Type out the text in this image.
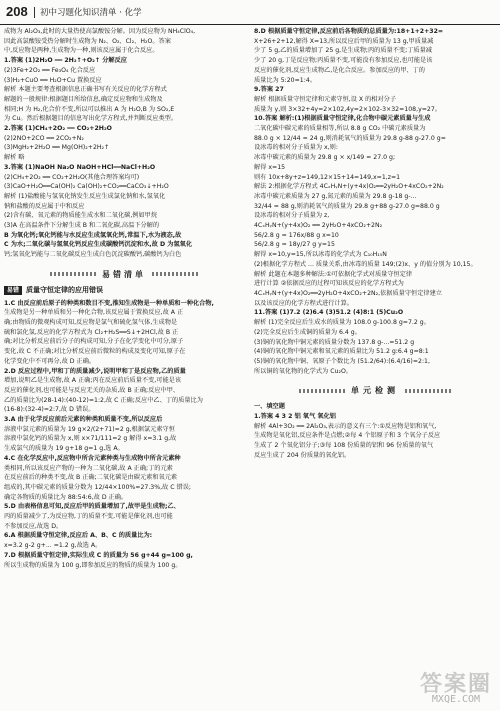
208 初中习题化知识清单 · 化学

成物为 Al₂O₃,此时的大量热使高氯酸铵分解。因为反应物为 NH₄ClO₄,

因此高氯酸铵受热分解时生成物为 N₂、O₂、Cl₂、H₂O。答案

中,反应物是两种,生成物为一种,则该反应属于化合反应。

1.答案 (1)2H₂O ══ 2H₂↑+O₂↑ 分解反应

(2)3Fe+2O₂ ══ Fe₃O₄ 化合反应

(3)H₂+CuO ══ H₂O+Cu 置换反应

解析 本题主要考查根据信息正确书写有关反应的化学方程式

解题的一般规律:根据题目所给信息,确定反应物和生成物及

相同;H 为 H₂,化合价不变,所以可以推出 A 为 H₂O,B 为 SO₂,E

为 Cu。然后根据题目的信息写出化学方程式,并判断反应类型。

2.答案 (1)CH₄+2O₂ ══ CO₂+2H₂O

(2)2NO+2CO ══ 2CO₂+N₂

(3)MgH₂+2H₂O ══ Mg(OH)₂+2H₂↑

解析 略

3.答案 (1)NaOH Na₂O NaOH+HCl══NaCl+H₂O

(2)CH₄+2O₂ ══ CO₂+2H₂O(其他合理答案均可)

(3)CaO+H₂O══Ca(OH)₂ Ca(OH)₂+CO₂══CaCO₃↓+H₂O

解析 (1)盐酸能与氢氧化钠发生反应生成氯化钠和水,氢氧化

钠和盐酸的反应属于中和反应

(2)含有碳、氧元素的物质能生成水和二氧化碳,例如甲烷

(3)A 在高温条件下分解生成 B 和二氧化碳,高温下分解的

B 为氧化钙;氧化钙能与水反应生成氢氧化钙,常温下,水为液态,故

C 为水;二氧化碳与氢氧化钙反应生成碳酸钙沉淀和水,故 D 为氢氧化

钙;氢氧化钙能与二氧化碳反应生成白色沉淀碳酸钙,碳酸钙为白色

易错清单
易错 质量守恒定律的应用错误

1.C 由反应前后原子的种类和数目不变,推知生成物是一种单质和一种化合物,

生成物是另一种单质和另一种化合物,该反应属于置换反应,故 A 正

确;由物质的微观构成可知,反应物是氯气和硫化氢气体,生成物是

硫和氯化氢,反应的化学方程式为 Cl₂+H₂S══S↓+2HCl,故 B 正

确;对比分析反应前后分子的构成可知,分子在化学变化中可分,原子

变化,故 C 不正确;对比分析反应前后微粒的构成及变化可知,原子在

化学变化中不可再分,故 D 正确。

2.D 反应过程中,甲和丁的质量减少,说明甲和丁是反应物,乙的质量

增加,说明乙是生成物,故 A 正确;丙在反应前后质量不变,可能是该

反应的催化剂,也可能是与反应无关的杂质,故 B 正确;反应中甲、

乙的质量比为(28-14):(40-12)=1:2,故 C 正确;反应中乙、丁的质量比为

(16-8):(32-4)=2:7,故 D 错误。

3.A 由于化学反应前后元素的种类和质量不变,所以反应后

溶液中氯元素的质量为 19 g×2/(2+71)≈2 g,根据氯元素守恒

溶液中氯化钙的质量为 x,则 x×71/111=2 g 解得 x=3.1 g,故

生成氯气的质量为 19 g+18 g=1 g,选 A。

4.C 在化学反应中,反应物中所含元素种类与生成物中所含元素种

类相同,所以该反应产物的一种为二氧化碳,故 A 正确;丁的元素

在反应前后的种类不变,故 B 正确;二氧化碳是由碳元素和氧元素

组成的,其中碳元素的质量分数为 12/44×100%≈27.3%,故 C 错误;

确定各物质的质量比为 88:54:6,故 D 正确。

5.D 由表格信息可知,反应后甲的质量增加了,故甲是生成物;乙、

丙的质量减少了,为反应物,丁的质量不变,可能是催化剂,也可能

不参加反应,故选 D。

6.A 根据质量守恒定律,反应后 A、B、C 的质量比为:

x=3.2 g-2 g+... =1.2 g,故选 A。

7.D 根据质量守恒定律,实际生成 C 的质量为 56 g+44 g=100 g,

所以生成物的质量为 100 g,即参加反应的物质的质量为 100 g。

8.D 根据质量守恒定律,反应前后各物质的总质量为:18+1+2+32=

X+26+2+12,解得 X=13,所以反应后甲的质量为 13 g,甲质量减

少了 5 g,乙的质量增加了 25 g,是生成物;丙的质量不变;丁质量减

少了 20 g,丁是反应物;丙质量不变,可能没有参加反应,也可能是该

反应的催化剂,反应生成物乙,是化合反应。参加反应的甲、丁的

质量比为 5:20=1:4。

9.答案 27

解析 根据质量守恒定律和元素守恒,设 X 的相对分子

质量为 y,则 3×32+4y=2×102,4y=2×102-3×32=108,y=27。

10.答案 解析:(1)根据质量守恒定律,化合物中碳元素质量与生成

二氧化碳中碳元素的质量相等,所以 8.8 g CO₂ 中碳元素质量为

88.0 g × 12/44 = 24 g,则消耗氧气的质量为 29.8 g-88 g-27.0 g=

设冰毒的相对分子质量为 x,则:

冰毒中碳元素的质量为 29.8 g × x/149 = 27.0 g;

解得 x=15

则有 10x+8y+z=149,12×15+14=149,x=1,z=1

解法 2:根据化学方程式 4CₓHᵧN+(y+4x)O₂══2yH₂O+4xCO₂+2N₂

冰毒中碳元素质量为 27 g,氮元素的质量为 29.8 g-18 g-...

32/44 = 88 g,则消耗氧气的质量为 29.8 g+88 g-27.0 g=88.0 g

设冰毒的相对分子质量为 z,

4CₓHᵧN+(y+4x)O₂ ══ 2yH₂O+4xCO₂+2N₂

56/2.8 g = 176x/88 g x=10

56/2.8 g = 18y/27 g y=15

解得 x=10,y=15,所以冰毒的化学式为 C₁₀H₁₅N

(2)根据化学方程式 ... 质量关系,由冰毒的质量 149;(2)x、y 的值分别为 10,15。

解析 此题在本题多种解法:①可依据化学式对质量守恒定律

进行计算 ②依据反应的过程可知该反应的化学方程式为

4CₓHᵧN+(y+4x)O₂══2yH₂O+4xCO₂+2N₂,依据质量守恒定律建立

以及该反应的化学方程式进行计算。

11.答案 (1)7.2 (2)6.4 (3)51.2 (4)8:1 (5)Cu₂O

解析 (1)完全反应后生成水的质量为 108.0 g-100.8 g=7.2 g。

(2)完全反应后生成铜的质量为 6.4 g。

(3)铜的氧化物中铜元素的质量分数为 137.8 g-...=51.2 g

(4)铜的氧化物中铜元素和氧元素的质量比为 51.2 g:6.4 g=8:1

(5)铜的氧化物中铜、氧原子个数比为 (51.2/64):(6.4/16)=2:1,

所以铜的氧化物的化学式为 Cu₂O。

单元检测
一、填空题

1.答案 4 3 2 铝 氧气 氧化铝

解析 4Al+3O₂ ══ 2Al₂O₃,表示的意义有三个:①反应物是铝和氧气,

生成物是氧化铝,反应条件是点燃;②每 4 个铝原子和 3 个氧分子反应

生成了 2 个氧化铝分子;③每 108 份质量的铝和 96 份质量的氧气

反应生成了 204 份质量的氧化铝。

答案圈
MXQE.COM
